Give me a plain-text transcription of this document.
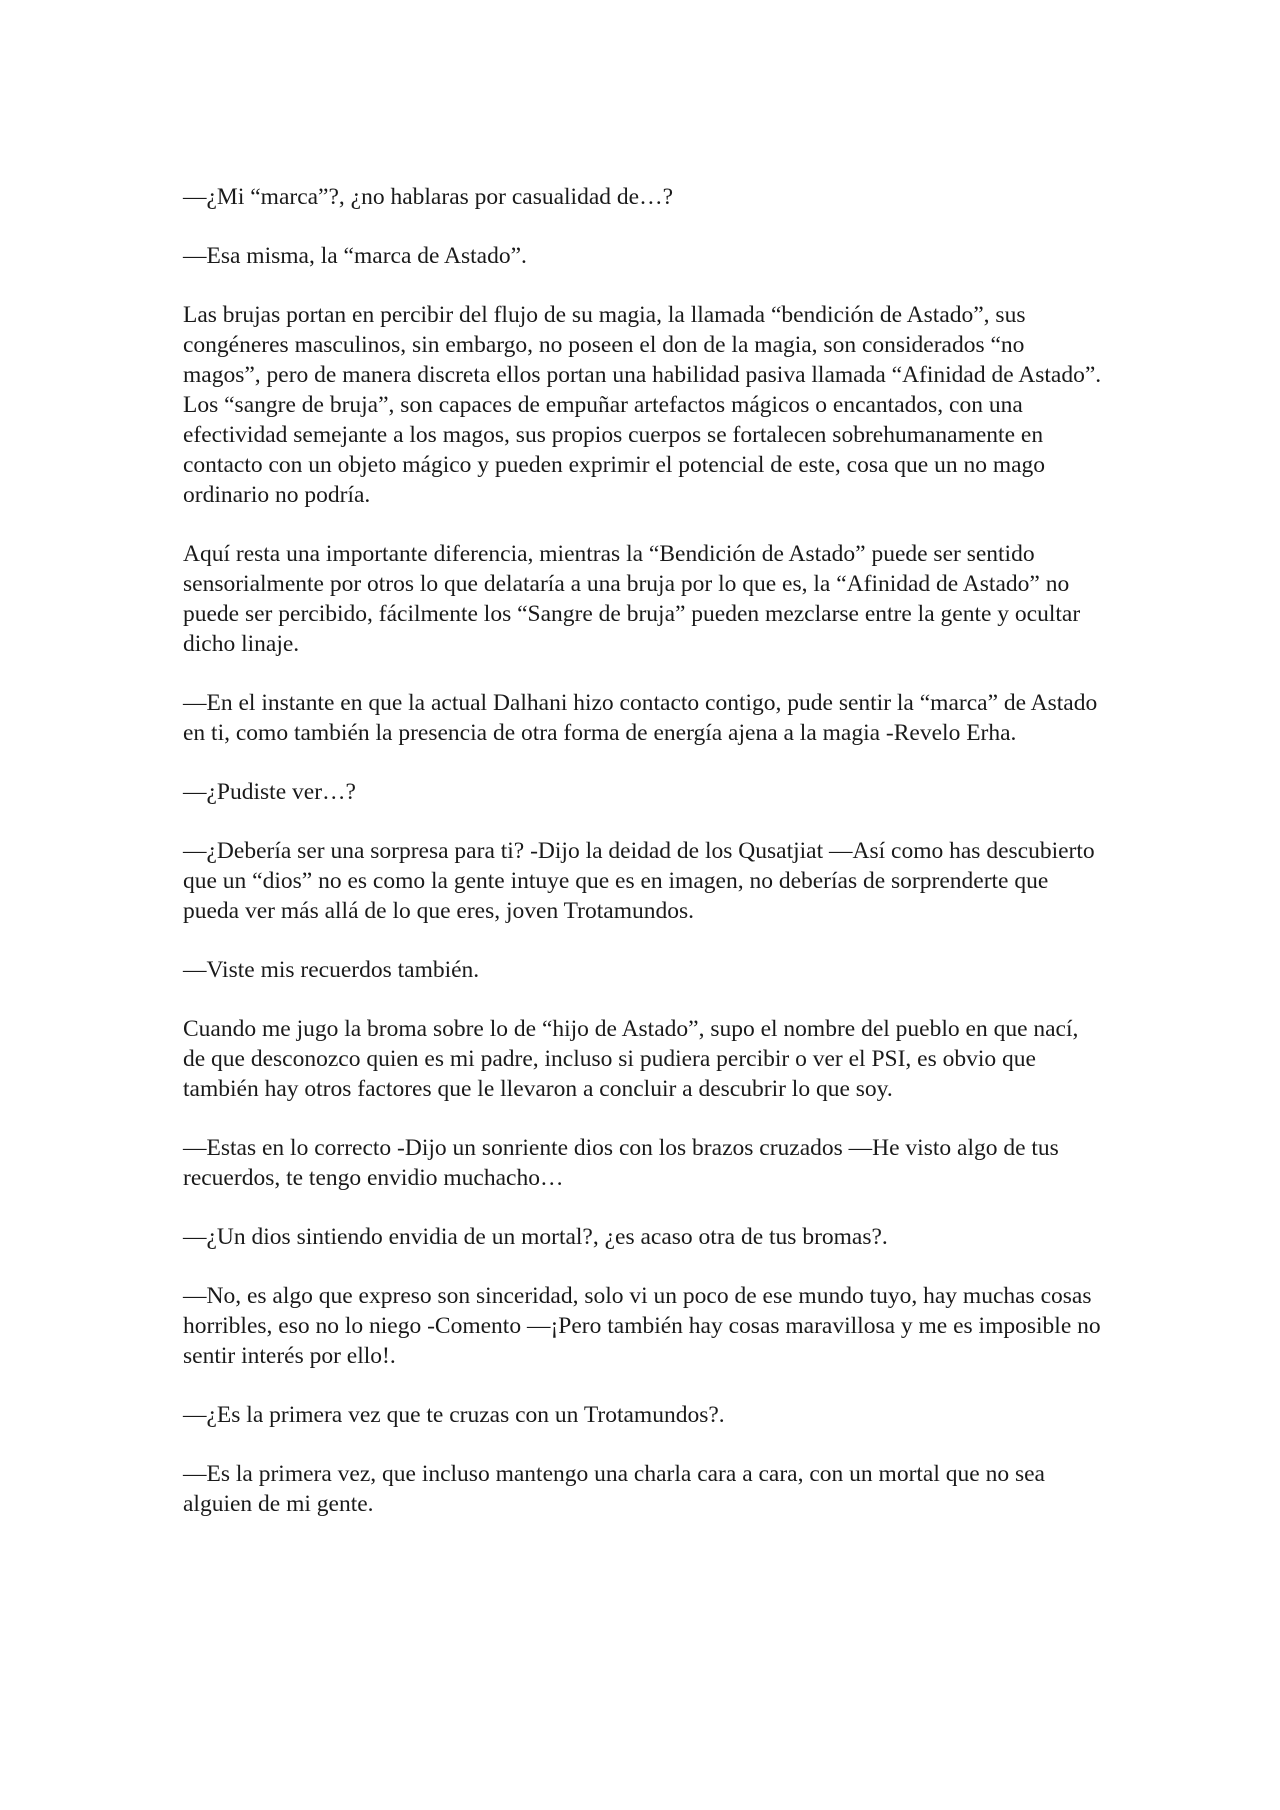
—¿Mi “marca”?, ¿no hablaras por casualidad de…?

—Esa misma, la “marca de Astado”.

Las brujas portan en percibir del flujo de su magia, la llamada “bendición de Astado”, sus congéneres masculinos, sin embargo, no poseen el don de la magia, son considerados “no magos”, pero de manera discreta ellos portan una habilidad pasiva llamada “Afinidad de Astado”. Los “sangre de bruja”, son capaces de empuñar artefactos mágicos o encantados, con una efectividad semejante a los magos, sus propios cuerpos se fortalecen sobrehumanamente en contacto con un objeto mágico y pueden exprimir el potencial de este, cosa que un no mago ordinario no podría.

Aquí resta una importante diferencia, mientras la “Bendición de Astado” puede ser sentido sensorialmente por otros lo que delataría a una bruja por lo que es, la “Afinidad de Astado” no puede ser percibido, fácilmente los “Sangre de bruja” pueden mezclarse entre la gente y ocultar dicho linaje.

—En el instante en que la actual Dalhani hizo contacto contigo, pude sentir la “marca” de Astado en ti, como también la presencia de otra forma de energía ajena a la magia -Revelo Erha.

—¿Pudiste ver…?

—¿Debería ser una sorpresa para ti? -Dijo la deidad de los Qusatjiat —Así como has descubierto que un “dios” no es como la gente intuye que es en imagen, no deberías de sorprenderte que pueda ver más allá de lo que eres, joven Trotamundos.

—Viste mis recuerdos también.

Cuando me jugo la broma sobre lo de “hijo de Astado”, supo el nombre del pueblo en que nací, de que desconozco quien es mi padre, incluso si pudiera percibir o ver el PSI, es obvio que también hay otros factores que le llevaron a concluir a descubrir lo que soy.

—Estas en lo correcto -Dijo un sonriente dios con los brazos cruzados —He visto algo de tus recuerdos, te tengo envidio muchacho…

—¿Un dios sintiendo envidia de un mortal?, ¿es acaso otra de tus bromas?.

—No, es algo que expreso son sinceridad, solo vi un poco de ese mundo tuyo, hay muchas cosas horribles, eso no lo niego -Comento —¡Pero también hay cosas maravillosa y me es imposible no sentir interés por ello!.

—¿Es la primera vez que te cruzas con un Trotamundos?.

—Es la primera vez, que incluso mantengo una charla cara a cara, con un mortal que no sea alguien de mi gente.
